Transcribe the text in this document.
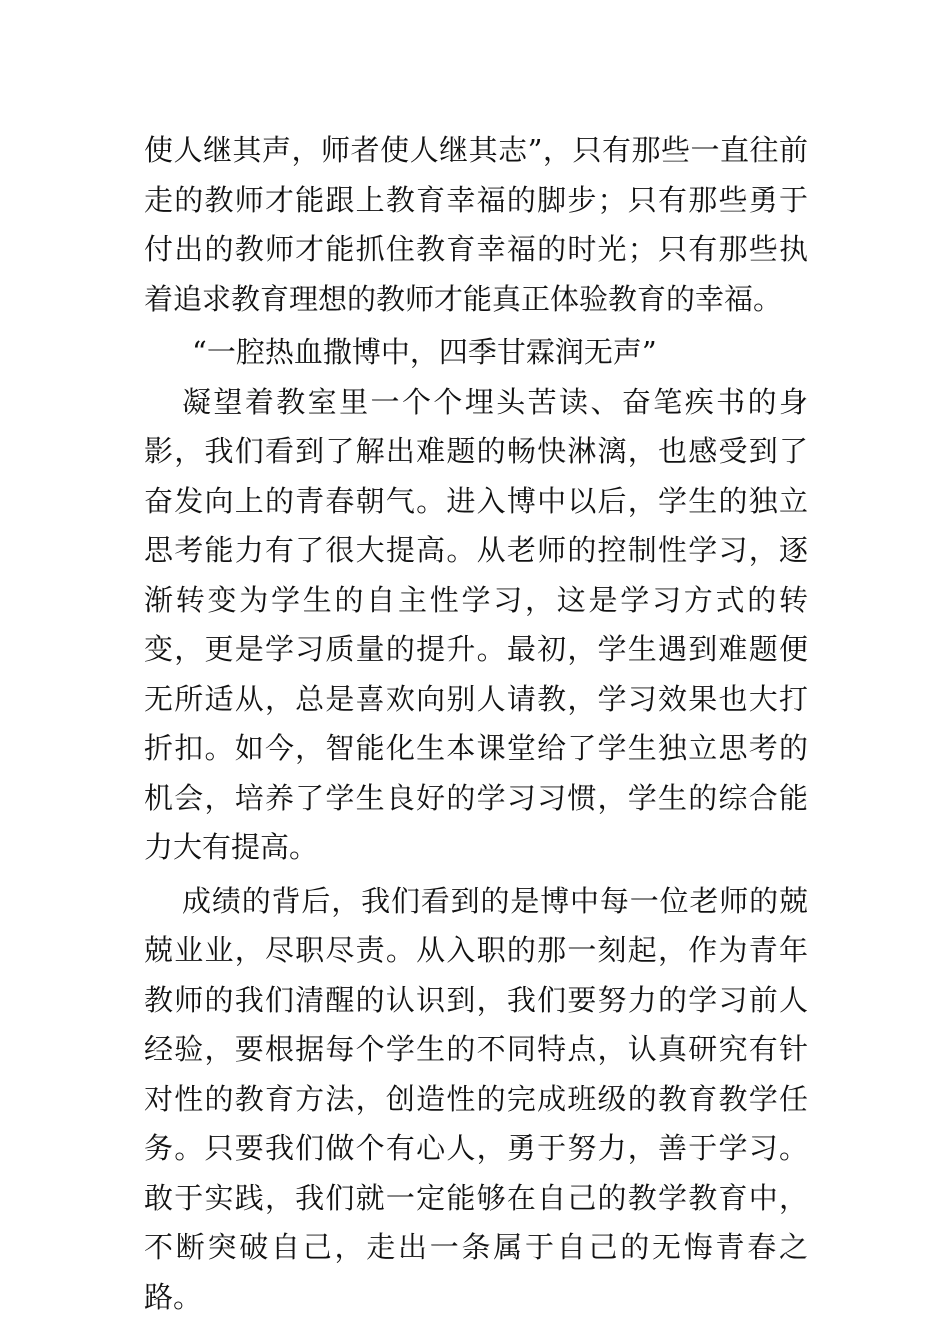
使人继其声，师者使人继其志”，只有那些一直往前走的教师才能跟上教育幸福的脚步；只有那些勇于付出的教师才能抓住教育幸福的时光；只有那些执着追求教育理想的教师才能真正体验教育的幸福。

“一腔热血撒博中，四季甘霖润无声”

凝望着教室里一个个埋头苦读、奋笔疾书的身影，我们看到了解出难题的畅快淋漓，也感受到了奋发向上的青春朝气。进入博中以后，学生的独立思考能力有了很大提高。从老师的控制性学习，逐渐转变为学生的自主性学习，这是学习方式的转变，更是学习质量的提升。最初，学生遇到难题便无所适从，总是喜欢向别人请教，学习效果也大打折扣。如今，智能化生本课堂给了学生独立思考的机会，培养了学生良好的学习习惯，学生的综合能力大有提高。

成绩的背后，我们看到的是博中每一位老师的兢兢业业，尽职尽责。从入职的那一刻起，作为青年教师的我们清醒的认识到，我们要努力的学习前人经验，要根据每个学生的不同特点，认真研究有针对性的教育方法，创造性的完成班级的教育教学任务。只要我们做个有心人，勇于努力，善于学习。敢于实践，我们就一定能够在自己的教学教育中，不断突破自己，走出一条属于自己的无悔青春之路。
